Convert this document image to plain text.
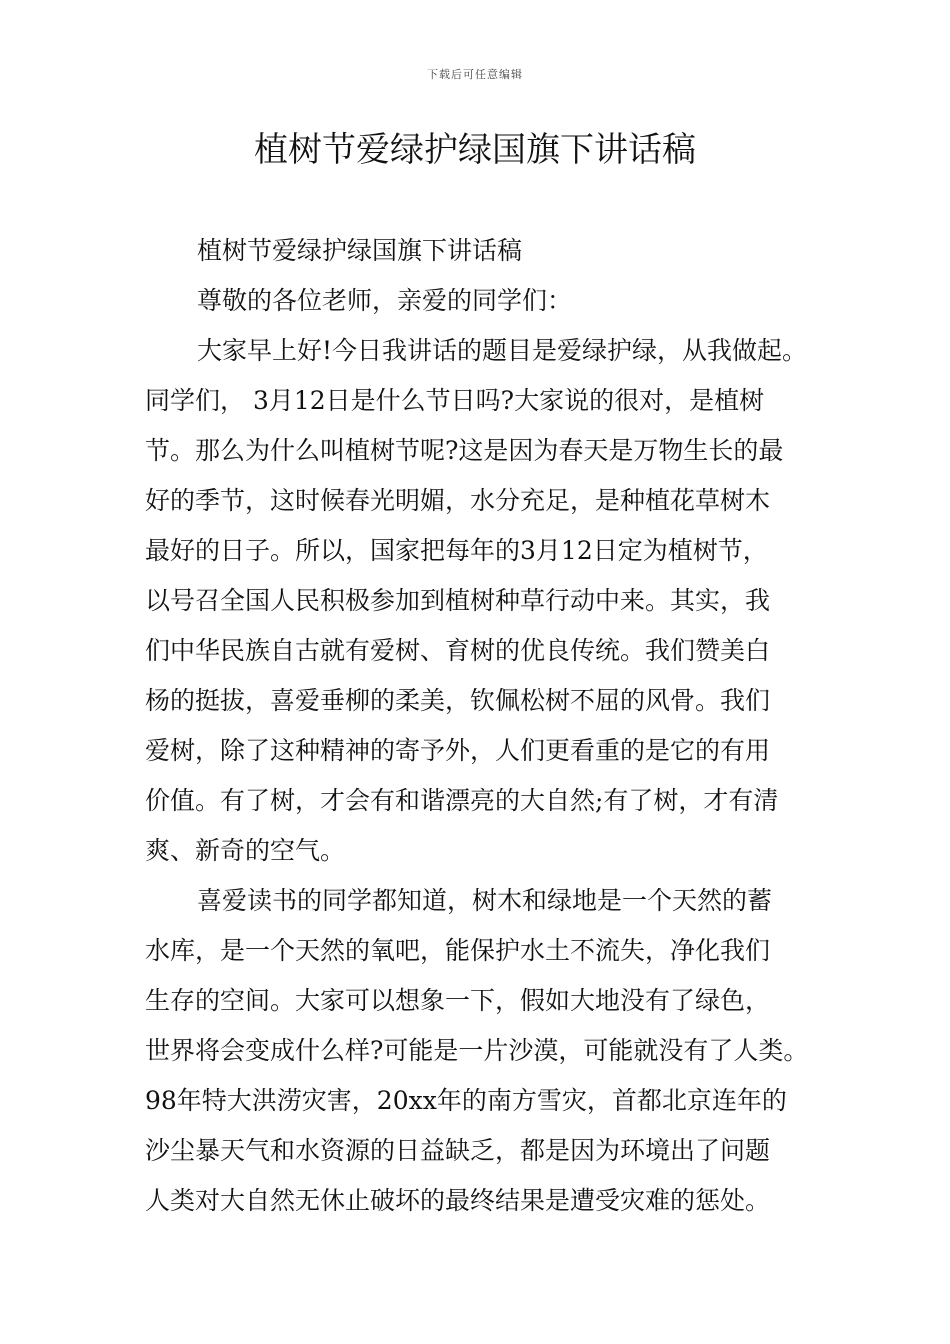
下载后可任意编辑
植树节爱绿护绿国旗下讲话稿
植树节爱绿护绿国旗下讲话稿
尊敬的各位老师，亲爱的同学们：
大家早上好!今日我讲话的题目是爱绿护绿，从我做起。
同学们， 3月12日是什么节日吗?大家说的很对，是植树
节。那么为什么叫植树节呢?这是因为春天是万物生长的最
好的季节，这时候春光明媚，水分充足，是种植花草树木
最好的日子。所以，国家把每年的3月12日定为植树节，
以号召全国人民积极参加到植树种草行动中来。其实，我
们中华民族自古就有爱树、育树的优良传统。我们赞美白
杨的挺拔，喜爱垂柳的柔美，钦佩松树不屈的风骨。我们
爱树，除了这种精神的寄予外，人们更看重的是它的有用
价值。有了树，才会有和谐漂亮的大自然;有了树，才有清
爽、新奇的空气。
喜爱读书的同学都知道，树木和绿地是一个天然的蓄
水库，是一个天然的氧吧，能保护水土不流失，净化我们
生存的空间。大家可以想象一下，假如大地没有了绿色，
世界将会变成什么样?可能是一片沙漠，可能就没有了人类。
98年特大洪涝灾害，20xx年的南方雪灾，首都北京连年的
沙尘暴天气和水资源的日益缺乏，都是因为环境出了问题
人类对大自然无休止破坏的最终结果是遭受灾难的惩处。
